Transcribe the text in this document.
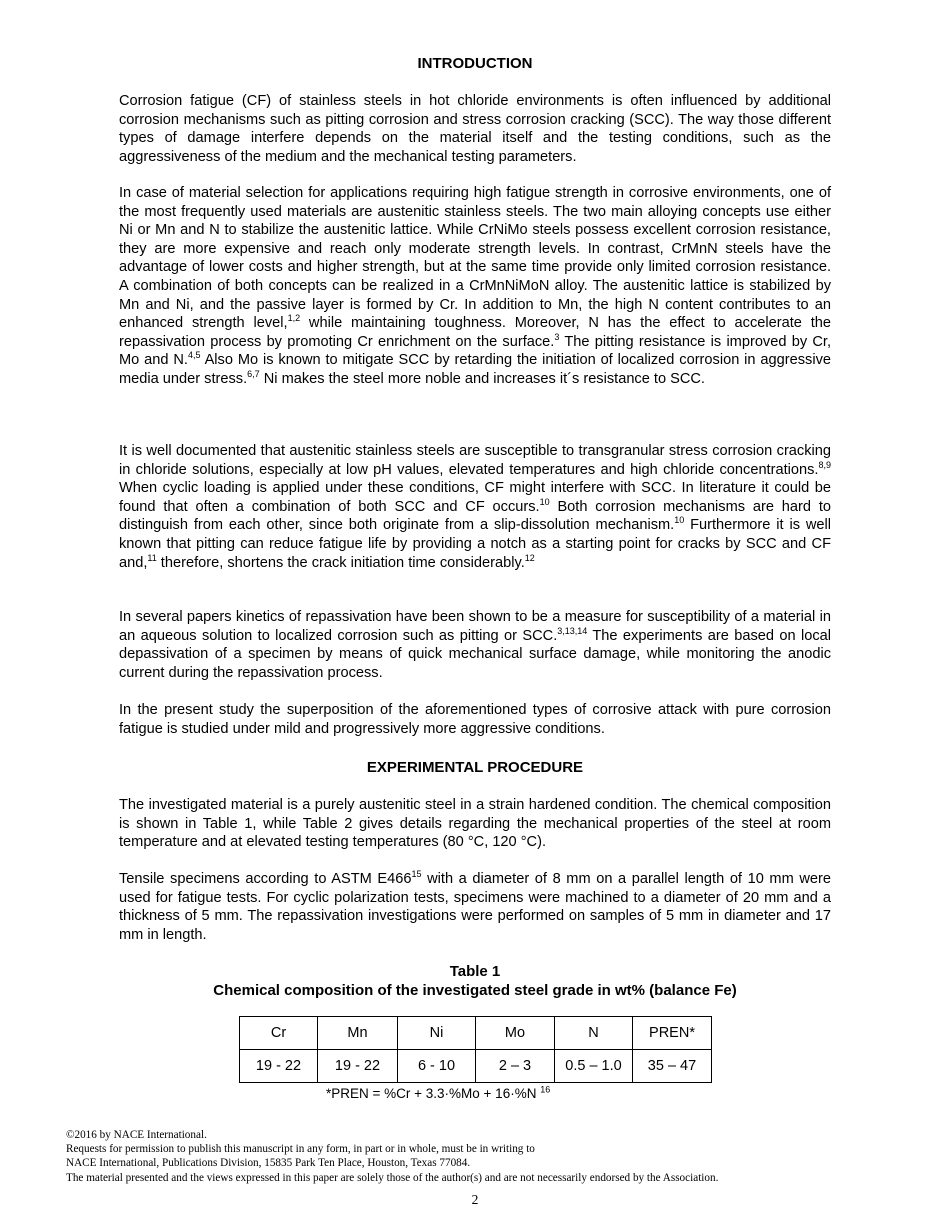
INTRODUCTION

Corrosion fatigue (CF) of stainless steels in hot chloride environments is often influenced by additional corrosion mechanisms such as pitting corrosion and stress corrosion cracking (SCC). The way those different types of damage interfere depends on the material itself and the testing conditions, such as the aggressiveness of the medium and the mechanical testing parameters.

In case of material selection for applications requiring high fatigue strength in corrosive environments, one of the most frequently used materials are austenitic stainless steels. The two main alloying concepts use either Ni or Mn and N to stabilize the austenitic lattice. While CrNiMo steels possess excellent corrosion resistance, they are more expensive and reach only moderate strength levels. In contrast, CrMnN steels have the advantage of lower costs and higher strength, but at the same time provide only limited corrosion resistance. A combination of both concepts can be realized in a CrMnNiMoN alloy. The austenitic lattice is stabilized by Mn and Ni, and the passive layer is formed by Cr. In addition to Mn, the high N content contributes to an enhanced strength level,$^{1,2}$ while maintaining toughness. Moreover, N has the effect to accelerate the repassivation process by promoting Cr enrichment on the surface.$^3$ The pitting resistance is improved by Cr, Mo and N.$^{4,5}$ Also Mo is known to mitigate SCC by retarding the initiation of localized corrosion in aggressive media under stress.$^{6,7}$ Ni makes the steel more noble and increases it´s resistance to SCC.

It is well documented that austenitic stainless steels are susceptible to transgranular stress corrosion cracking in chloride solutions, especially at low pH values, elevated temperatures and high chloride concentrations.$^{8,9}$ When cyclic loading is applied under these conditions, CF might interfere with SCC. In literature it could be found that often a combination of both SCC and CF occurs.$^{10}$ Both corrosion mechanisms are hard to distinguish from each other, since both originate from a slip-dissolution mechanism.$^{10}$ Furthermore it is well known that pitting can reduce fatigue life by providing a notch as a starting point for cracks by SCC and CF and,$^{11}$ therefore, shortens the crack initiation time considerably.$^{12}$

In several papers kinetics of repassivation have been shown to be a measure for susceptibility of a material in an aqueous solution to localized corrosion such as pitting or SCC.$^{3,13,14}$ The experiments are based on local depassivation of a specimen by means of quick mechanical surface damage, while monitoring the anodic current during the repassivation process.

In the present study the superposition of the aforementioned types of corrosive attack with pure corrosion fatigue is studied under mild and progressively more aggressive conditions.

EXPERIMENTAL PROCEDURE

The investigated material is a purely austenitic steel in a strain hardened condition. The chemical composition is shown in Table 1, while Table 2 gives details regarding the mechanical properties of the steel at room temperature and at elevated testing temperatures (80 °C, 120 °C).

Tensile specimens according to ASTM $E466^{15}$ with a diameter of 8 mm on a parallel length of 10 mm were used for fatigue tests. For cyclic polarization tests, specimens were machined to a diameter of 20 mm and a thickness of 5 mm. The repassivation investigations were performed on samples of 5 mm in diameter and 17 mm in length.

Table 1
Chemical composition of the investigated steel grade in wt% (balance Fe)
Cr	Mn	Ni	Mo	N	PREN*
19 - 22	19 - 22	6 - 10	2 – 3	0.5 – 1.0	35 – 47
*PREN = %Cr + 3.3·%Mo + 16·%N $^{16}$
©2016 by NACE International.
Requests for permission to publish this manuscript in any form, in part or in whole, must be in writing to
NACE International, Publications Division, 15835 Park Ten Place, Houston, Texas 77084.
The material presented and the views expressed in this paper are solely those of the author(s) and are not necessarily endorsed by the Association.
2
